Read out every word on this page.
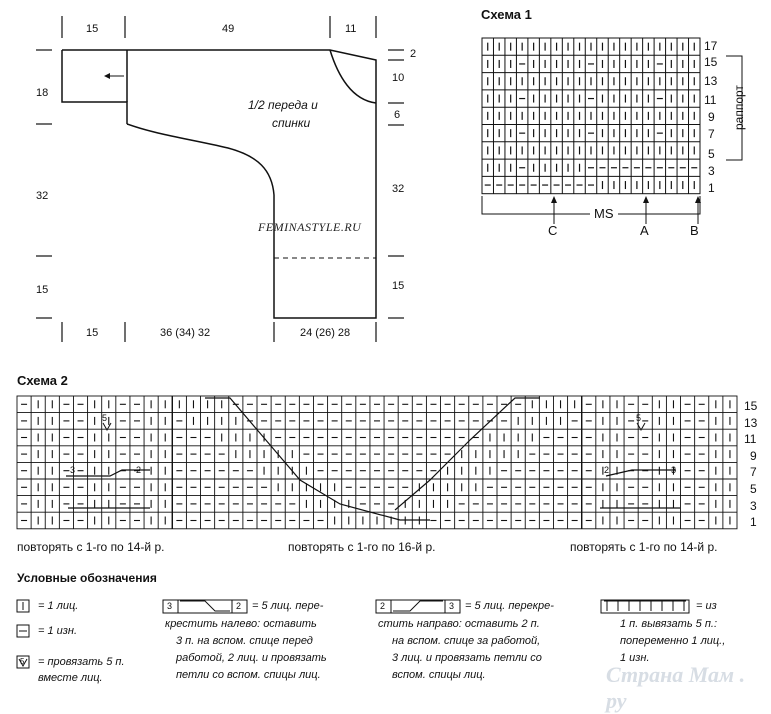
15	49	11
18
32
15
2
10
6
32
15
15	36 (34) 32	24 (26) 28
1/2 переда и
спинки
FEMINASTYLE.RU
Схема 1
17
15
13
11
9
7
5
3
1
раппорт
MS
C	A	B
Схема 2
15
13
11
9
7
5
3
1
5	5
3	2	2	3
повторять с 1-го по 14-й р.	повторять с 1-го по 16-й р.	повторять с 1-го по 14-й р.
Условные обозначения
5
3	2	2	3
= 1 лиц.
= 1 изн.
= провязать 5 п.
вместе лиц.
= 5 лиц. пере-
крестить налево: оставить
3 п. на вспом. спице перед
работой, 2 лиц. и провязать
петли со вспом. спицы лиц.
= 5 лиц. перекре-
стить направо: оставить 2 п.
на вспом. спице за работой,
3 лиц. и провязать петли со
вспом. спицы лиц.
= из
1 п. вывязать 5 п.:
попеременно 1 лиц.,
1 изн.
Страна Мам . ру
